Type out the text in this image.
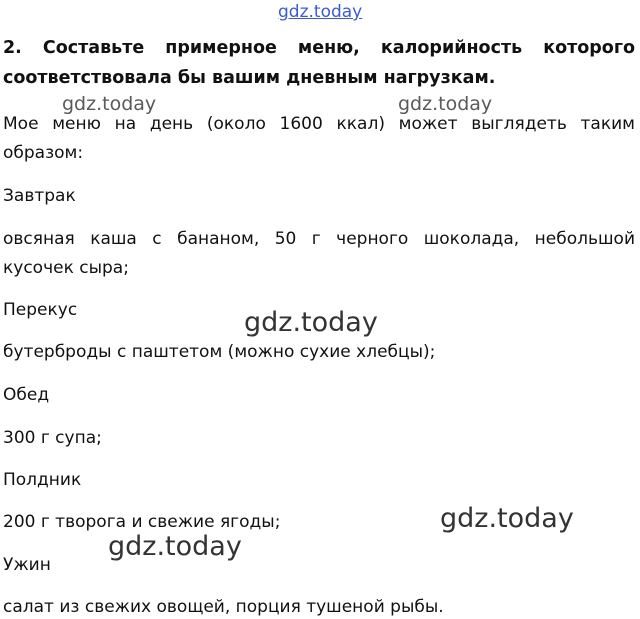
gdz.today
2. Составьте примерное меню, калорийность которого
соответствовала бы вашим дневным нагрузкам.
gdz.today	gdz.today
Мое меню на день (около 1600 ккал) может выглядеть таким
образом:
Завтрак
овсяная каша с бананом, 50 г черного шоколада, небольшой
кусочек сыра;
Перекус	gdz.today
бутерброды с паштетом (можно сухие хлебцы);
Обед
300 г супа;
Полдник
200 г творога и свежие ягоды;	gdz.today
gdz.today
Ужин
салат из свежих овощей, порция тушеной рыбы.
